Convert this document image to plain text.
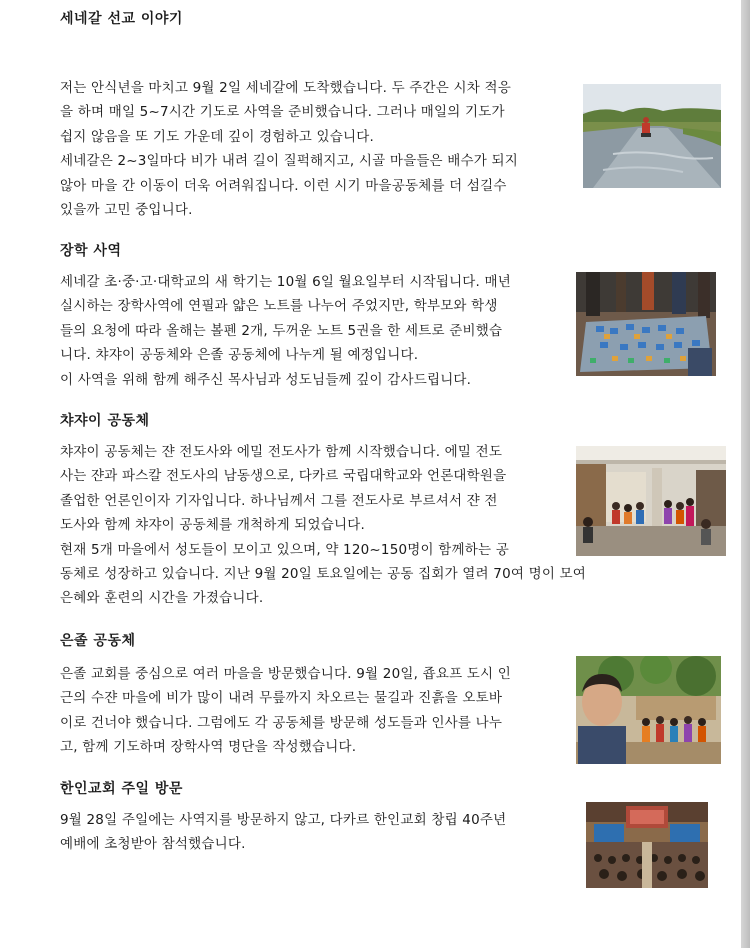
세네갈 선교 이야기
저는 안식년을 마치고 9월 2일 세네갈에 도착했습니다. 두 주간은 시차 적응
을 하며 매일 5~7시간 기도로 사역을 준비했습니다. 그러나 매일의 기도가
쉽지 않음을 또 기도 가운데 깊이 경험하고 있습니다.
세네갈은 2~3일마다 비가 내려 길이 질퍽해지고, 시골 마을들은 배수가 되지
않아 마을 간 이동이 더욱 어려워집니다. 이런 시기 마을공동체를 더 섬길수
있을까 고민 중입니다.
장학 사역
세네갈 초·중·고·대학교의 새 학기는 10월 6일 월요일부터 시작됩니다. 매년
실시하는 장학사역에 연필과 얇은 노트를 나누어 주었지만, 학부모와 학생
들의 요청에 따라 올해는 볼펜 2개, 두꺼운 노트 5권을 한 세트로 준비했습
니다. 챠쟈이 공동체와 은졸 공동체에 나누게 될 예정입니다.
이 사역을 위해 함께 해주신 목사님과 성도님들께 깊이 감사드립니다.
챠쟈이 공동체
챠쟈이 공동체는 쟌 전도사와 에밀 전도사가 함께 시작했습니다. 에밀 전도
사는 쟌과 파스칼 전도사의 남동생으로, 다카르 국립대학교와 언론대학원을
졸업한 언론인이자 기자입니다. 하나님께서 그를 전도사로 부르셔서 쟌 전
도사와 함께 챠쟈이 공동체를 개척하게 되었습니다.
현재 5개 마을에서 성도들이 모이고 있으며, 약 120~150명이 함께하는 공
동체로 성장하고 있습니다. 지난 9월 20일 토요일에는 공동 집회가 열려 70여 명이 모여
은혜와 훈련의 시간을 가졌습니다.
은졸 공동체
은졸 교회를 중심으로 여러 마을을 방문했습니다. 9월 20일, 죱요프 도시 인
근의 수쟌 마을에 비가 많이 내려 무릎까지 차오르는 물길과 진흙을 오토바
이로 건너야 했습니다. 그럼에도 각 공동체를 방문해 성도들과 인사를 나누
고, 함께 기도하며 장학사역 명단을 작성했습니다.
한인교회 주일 방문
9월 28일 주일에는 사역지를 방문하지 않고, 다카르 한인교회 창립 40주년
예배에 초청받아 참석했습니다.
